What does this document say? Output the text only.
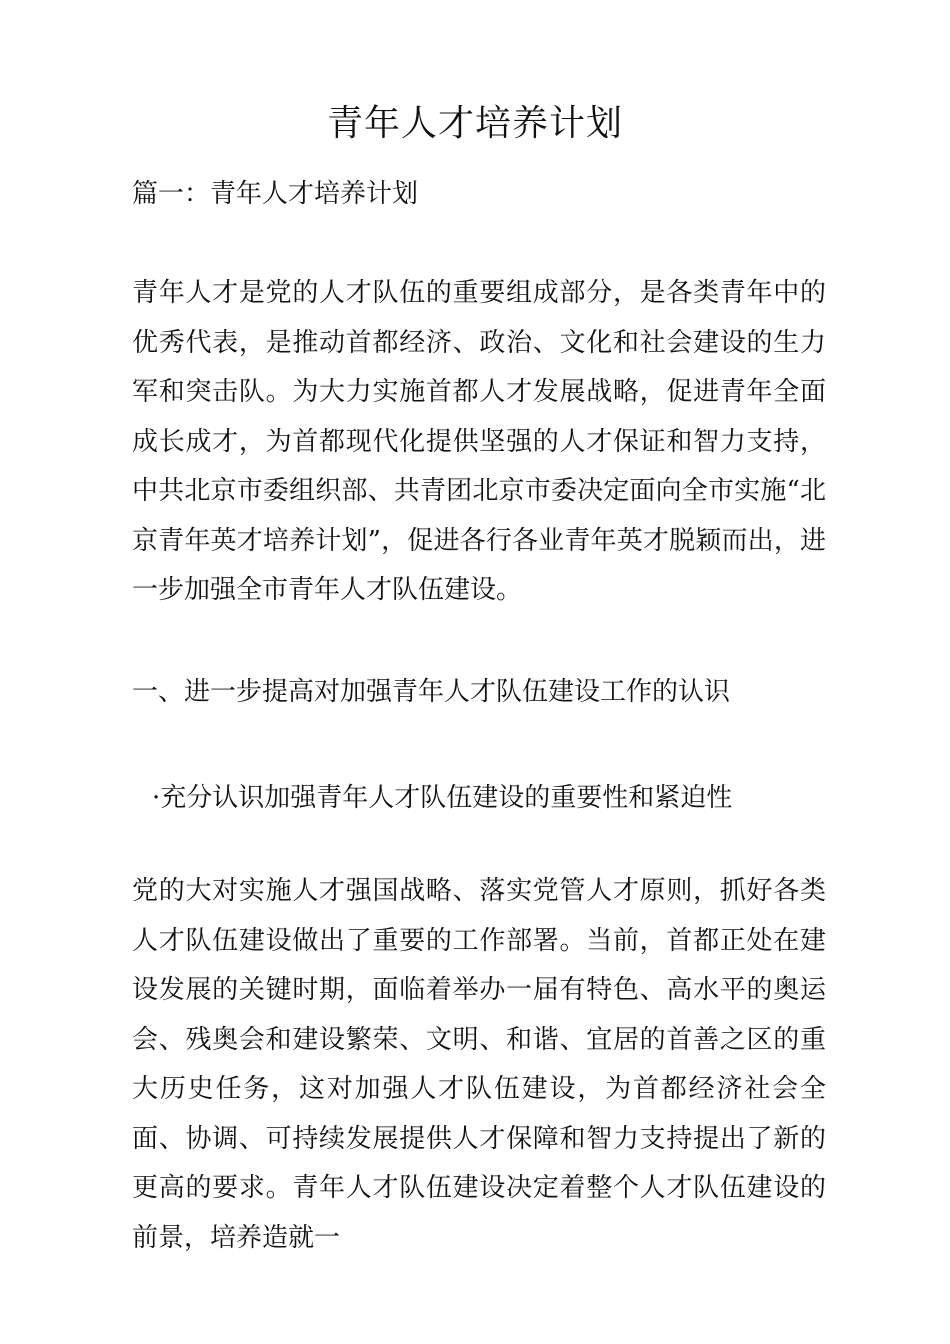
青年人才培养计划

篇一：青年人才培养计划

青年人才是党的人才队伍的重要组成部分，是各类青年中的优秀代表，是推动首都经济、政治、文化和社会建设的生力军和突击队。为大力实施首都人才发展战略，促进青年全面成长成才，为首都现代化提供坚强的人才保证和智力支持，中共北京市委组织部、共青团北京市委决定面向全市实施“北京青年英才培养计划”，促进各行各业青年英才脱颖而出，进一步加强全市青年人才队伍建设。

一、进一步提高对加强青年人才队伍建设工作的认识

·充分认识加强青年人才队伍建设的重要性和紧迫性

党的大对实施人才强国战略、落实党管人才原则，抓好各类人才队伍建设做出了重要的工作部署。当前，首都正处在建设发展的关键时期，面临着举办一届有特色、高水平的奥运会、残奥会和建设繁荣、文明、和谐、宜居的首善之区的重大历史任务，这对加强人才队伍建设，为首都经济社会全面、协调、可持续发展提供人才保障和智力支持提出了新的更高的要求。青年人才队伍建设决定着整个人才队伍建设的前景，培养造就一
